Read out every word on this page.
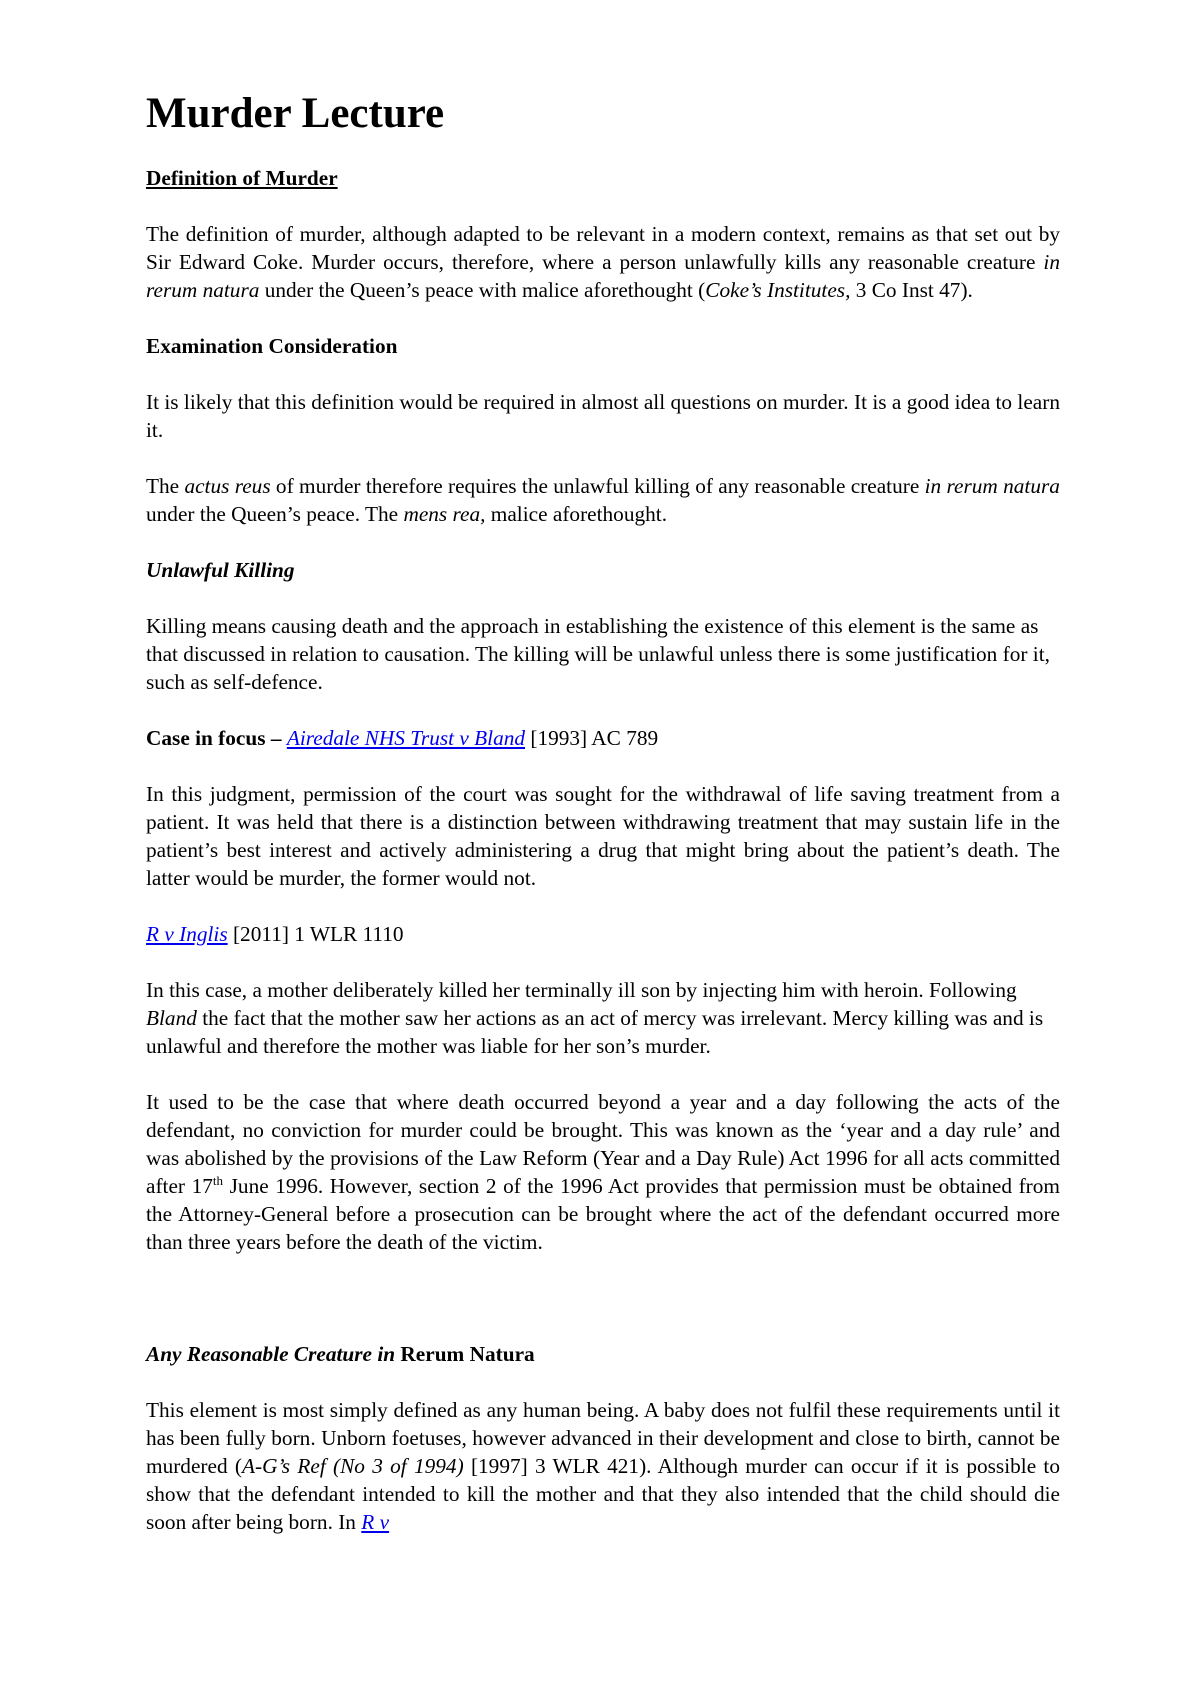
Murder Lecture
Definition of Murder

The definition of murder, although adapted to be relevant in a modern context, remains as that set out by Sir Edward Coke. Murder occurs, therefore, where a person unlawfully kills any reasonable creature in rerum natura under the Queen’s peace with malice aforethought (Coke’s Institutes, 3 Co Inst 47).

Examination Consideration

It is likely that this definition would be required in almost all questions on murder. It is a good idea to learn it.

The actus reus of murder therefore requires the unlawful killing of any reasonable creature in rerum natura under the Queen’s peace. The mens rea, malice aforethought.

Unlawful Killing

Killing means causing death and the approach in establishing the existence of this element is the same as that discussed in relation to causation. The killing will be unlawful unless there is some justification for it, such as self-defence.

Case in focus – Airedale NHS Trust v Bland [1993] AC 789

In this judgment, permission of the court was sought for the withdrawal of life saving treatment from a patient. It was held that there is a distinction between withdrawing treatment that may sustain life in the patient’s best interest and actively administering a drug that might bring about the patient’s death. The latter would be murder, the former would not.

R v Inglis [2011] 1 WLR 1110

In this case, a mother deliberately killed her terminally ill son by injecting him with heroin. Following Bland the fact that the mother saw her actions as an act of mercy was irrelevant. Mercy killing was and is unlawful and therefore the mother was liable for her son’s murder.

It used to be the case that where death occurred beyond a year and a day following the acts of the defendant, no conviction for murder could be brought. This was known as the ‘year and a day rule’ and was abolished by the provisions of the Law Reform (Year and a Day Rule) Act 1996 for all acts committed after 17th June 1996. However, section 2 of the 1996 Act provides that permission must be obtained from the Attorney-General before a prosecution can be brought where the act of the defendant occurred more than three years before the death of the victim.

Any Reasonable Creature in Rerum Natura

This element is most simply defined as any human being. A baby does not fulfil these requirements until it has been fully born. Unborn foetuses, however advanced in their development and close to birth, cannot be murdered (A-G’s Ref (No 3 of 1994) [1997] 3 WLR 421). Although murder can occur if it is possible to show that the defendant intended to kill the mother and that they also intended that the child should die soon after being born. In R v
